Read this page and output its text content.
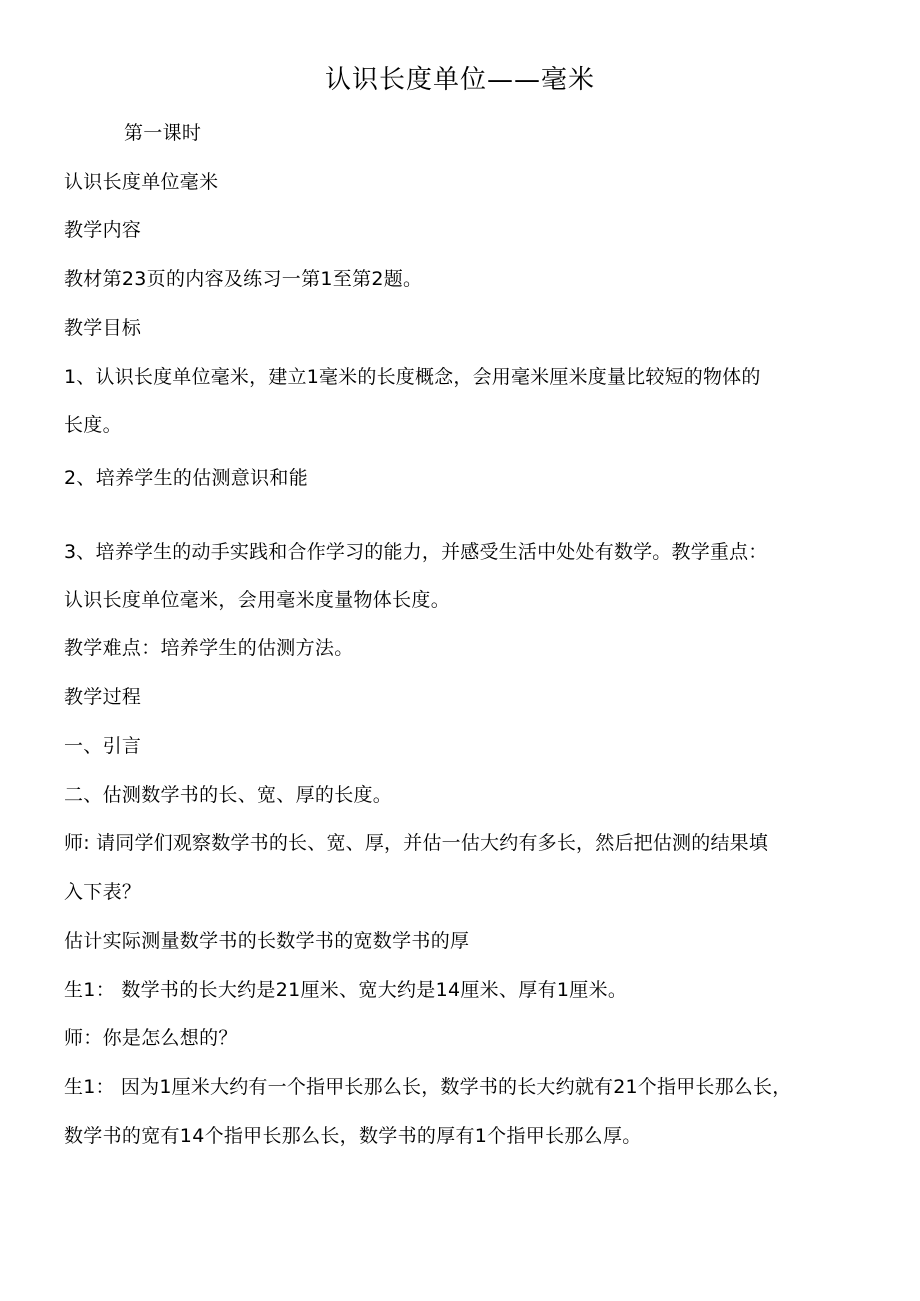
认识长度单位——毫米
第一课时
认识长度单位毫米
教学内容
教材第23页的内容及练习一第1至第2题。
教学目标
1、认识长度单位毫米，建立1毫米的长度概念，会用毫米厘米度量比较短的物体的
长度。
2、培养学生的估测意识和能
3、培养学生的动手实践和合作学习的能力，并感受生活中处处有数学。教学重点：
认识长度单位毫米，会用毫米度量物体长度。
教学难点：培养学生的估测方法。
教学过程
一、引言
二、估测数学书的长、宽、厚的长度。
师: 请同学们观察数学书的长、宽、厚，并估一估大约有多长，然后把估测的结果填
入下表？
估计实际测量数学书的长数学书的宽数学书的厚
生1： 数学书的长大约是21厘米、宽大约是14厘米、厚有1厘米。
师：你是怎么想的？
生1： 因为1厘米大约有一个指甲长那么长，数学书的长大约就有21个指甲长那么长，
数学书的宽有14个指甲长那么长，数学书的厚有1个指甲长那么厚。
